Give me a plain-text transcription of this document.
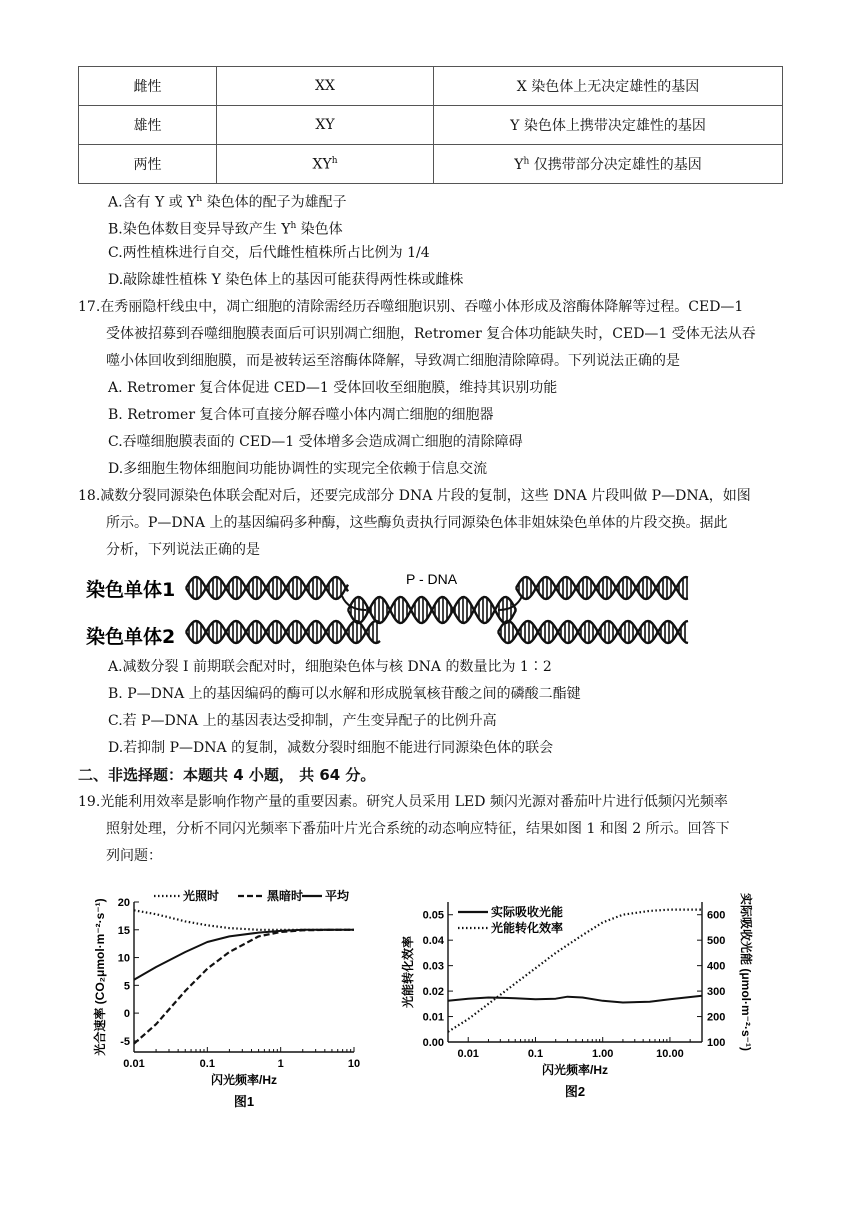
雌性	XX	X 染色体上无决定雄性的基因
雄性	XY	Y 染色体上携带决定雄性的基因
两性	$XY^h$	$Y^h$ 仅携带部分决定雄性的基因
A.含有 Y 或 $Y^h$ 染色体的配子为雄配子
B.染色体数目变异导致产生 $Y^h$ 染色体
C.两性植株进行自交，后代雌性植株所占比例为 1/4
D.敲除雄性植株 Y 染色体上的基因可能获得两性株或雌株
17.在秀丽隐杆线虫中，凋亡细胞的清除需经历吞噬细胞识别、吞噬小体形成及溶酶体降解等过程。CED—1
受体被招募到吞噬细胞膜表面后可识别凋亡细胞，Retromer 复合体功能缺失时，CED—1 受体无法从吞
噬小体回收到细胞膜，而是被转运至溶酶体降解，导致凋亡细胞清除障碍。下列说法正确的是
A. Retromer 复合体促进 CED—1 受体回收至细胞膜，维持其识别功能
B. Retromer 复合体可直接分解吞噬小体内凋亡细胞的细胞器
C.吞噬细胞膜表面的 CED—1 受体增多会造成凋亡细胞的清除障碍
D.多细胞生物体细胞间功能协调性的实现完全依赖于信息交流
18.减数分裂同源染色体联会配对后，还要完成部分 DNA 片段的复制，这些 DNA 片段叫做 P—DNA，如图
所示。P—DNA 上的基因编码多种酶，这些酶负责执行同源染色体非姐妹染色单体的片段交换。据此
分析，下列说法正确的是
染色单体1
染色单体2
P - DNA
A.减数分裂 I 前期联会配对时，细胞染色体与核 DNA 的数量比为 1∶2
B. P—DNA 上的基因编码的酶可以水解和形成脱氧核苷酸之间的磷酸二酯键
C.若 P—DNA 上的基因表达受抑制，产生变异配子的比例升高
D.若抑制 P—DNA 的复制，减数分裂时细胞不能进行同源染色体的联会
二、非选择题：本题共 4 小题， 共 64 分。
19.光能利用效率是影响作物产量的重要因素。研究人员采用 LED 频闪光源对番茄叶片进行低频闪光频率
照射处理，分析不同闪光频率下番茄叶片光合系统的动态响应特征，结果如图 1 和图 2 所示。回答下
列问题：
0.01	0.1	1	10
-5
0
5
10
15
20	光照时	黑暗时 平均
闪光频率/Hz
图1
光合速率 (CO₂μmol·m⁻²·s⁻¹)	0.01	0.1	1.00	10.00
0.00
0.01
0.02
0.03
0.04
0.05
100
200
300
400
500
600
实际吸收光能
光能转化效率
闪光频率/Hz
图2
光能转化效率	实际吸收光能 (μmol·m⁻²·s⁻¹)
